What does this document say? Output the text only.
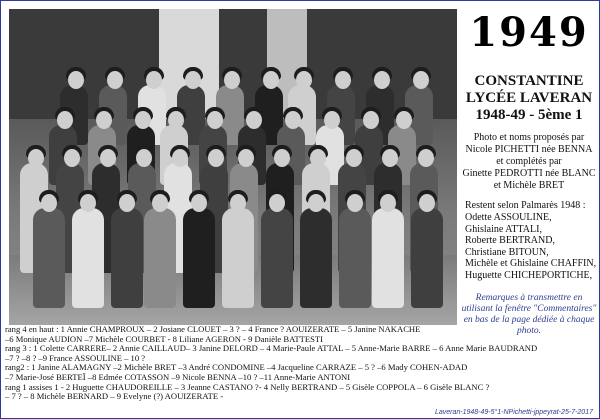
1949
CONSTANTINE
LYCÉE LAVERAN
1948-49 - 5ème 1
Photo et noms proposés par
Nicole PICHETTI née BENNA
et complétés par
Ginette PEDROTTI née BLANC
et Michèle BRET
Restent selon Palmarès 1948 :
Odette ASSOULINE,
Ghislaine ATTALI,
Roberte BERTRAND,
Christiane BITOUN,
Michèle et Ghislaine CHAFFIN,
Huguette CHICHEPORTICHE,
Remarques à transmettre en utilisant la fenêtre "Commentaires" en bas de la page dédiée à chaque photo.
rang 4 en haut : 1 Annie CHAMPROUX – 2 Josiane CLOUET – 3 ? – 4 France ? AOUIZERATE – 5 Janine NAKACHE
–6 Monique AUDION –7 Michèle COURBET - 8 Liliane AGERON - 9 Danièle BATTESTI
rang 3 : 1 Colette CARRERE– 2 Annie CAILLAUD– 3 Janine DELORD – 4 Marie-Paule ATTAL – 5 Anne-Marie BARRE – 6 Anne Marie BAUDRAND
–7 ? –8 ? –9 France ASSOULINE – 10 ?
rang2 : 1 Janine ALAMAGNY –2 Michèle BRET –3 André CONDOMINE –4 Jacqueline CARRAZE – 5 ? –6 Mady COHEN-ADAD
–7 Marie-José BERTEÏ –8 Edmée COTASSON –9 Nicole BENNA –10 ? –11 Anne-Marie ANTONI
rang 1 assises 1 - 2 Huguette CHAUDOREILLE – 3 Jeanne CASTANO ?- 4 Nelly BERTRAND – 5 Gisèle COPPOLA – 6 Gisèle BLANC ?
– 7 ? – 8 Michèle BERNARD – 9 Evelyne (?) AOUIZERATE -
Laveran-1948-49-5°1-NPichetti-jppeyrat-25-7-2017
